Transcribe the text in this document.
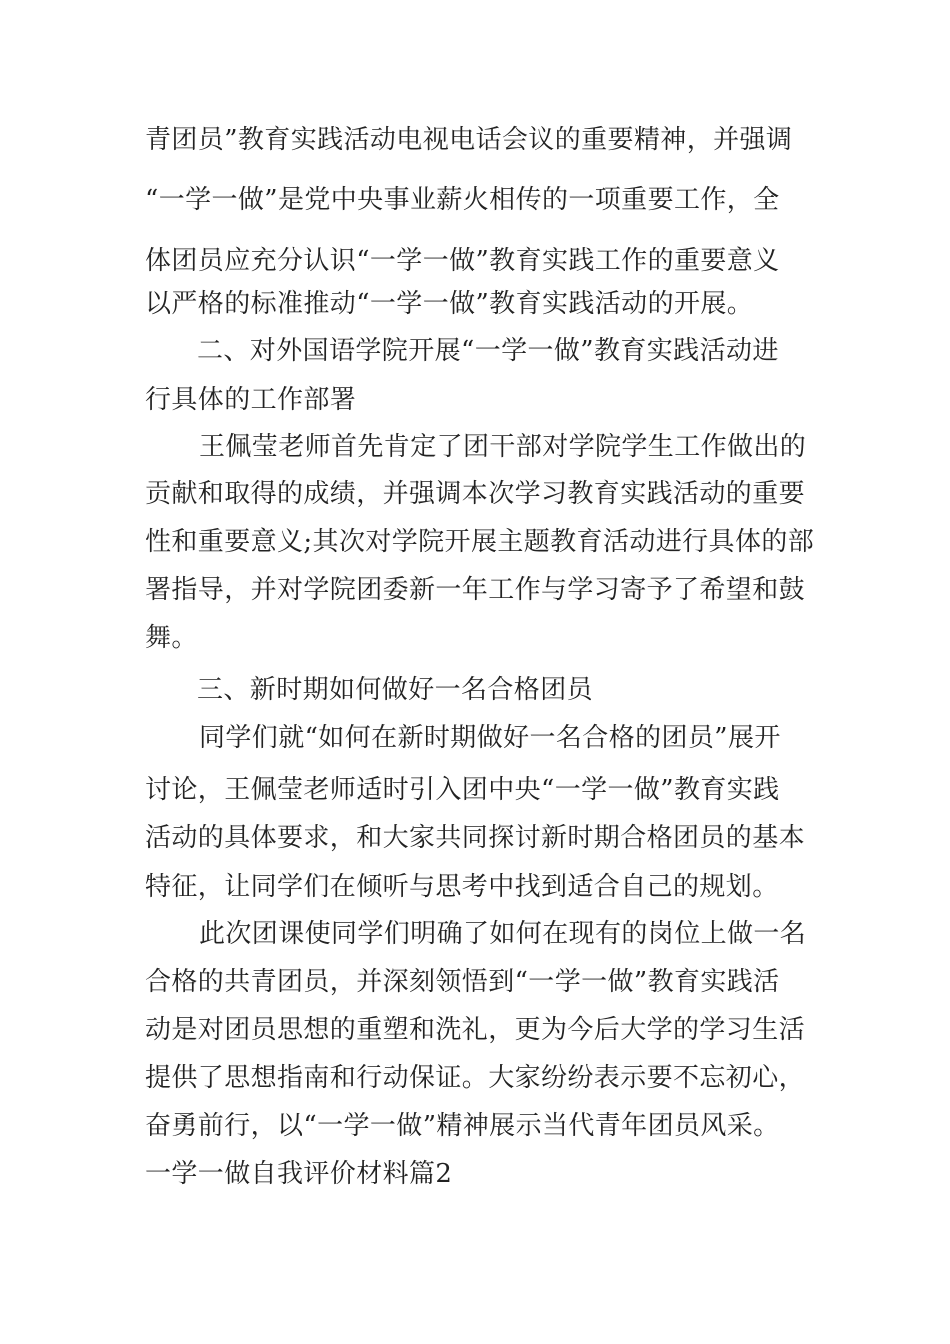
青团员”教育实践活动电视电话会议的重要精神，并强调
“一学一做”是党中央事业薪火相传的一项重要工作，全
体团员应充分认识“一学一做”教育实践工作的重要意义
以严格的标准推动“一学一做”教育实践活动的开展。
二、对外国语学院开展“一学一做”教育实践活动进
行具体的工作部署
王佩莹老师首先肯定了团干部对学院学生工作做出的
贡献和取得的成绩，并强调本次学习教育实践活动的重要
性和重要意义;其次对学院开展主题教育活动进行具体的部
署指导，并对学院团委新一年工作与学习寄予了希望和鼓
舞。
三、新时期如何做好一名合格团员
同学们就“如何在新时期做好一名合格的团员”展开
讨论，王佩莹老师适时引入团中央“一学一做”教育实践
活动的具体要求，和大家共同探讨新时期合格团员的基本
特征，让同学们在倾听与思考中找到适合自己的规划。
此次团课使同学们明确了如何在现有的岗位上做一名
合格的共青团员，并深刻领悟到“一学一做”教育实践活
动是对团员思想的重塑和洗礼，更为今后大学的学习生活
提供了思想指南和行动保证。大家纷纷表示要不忘初心，
奋勇前行，以“一学一做”精神展示当代青年团员风采。
一学一做自我评价材料篇2
